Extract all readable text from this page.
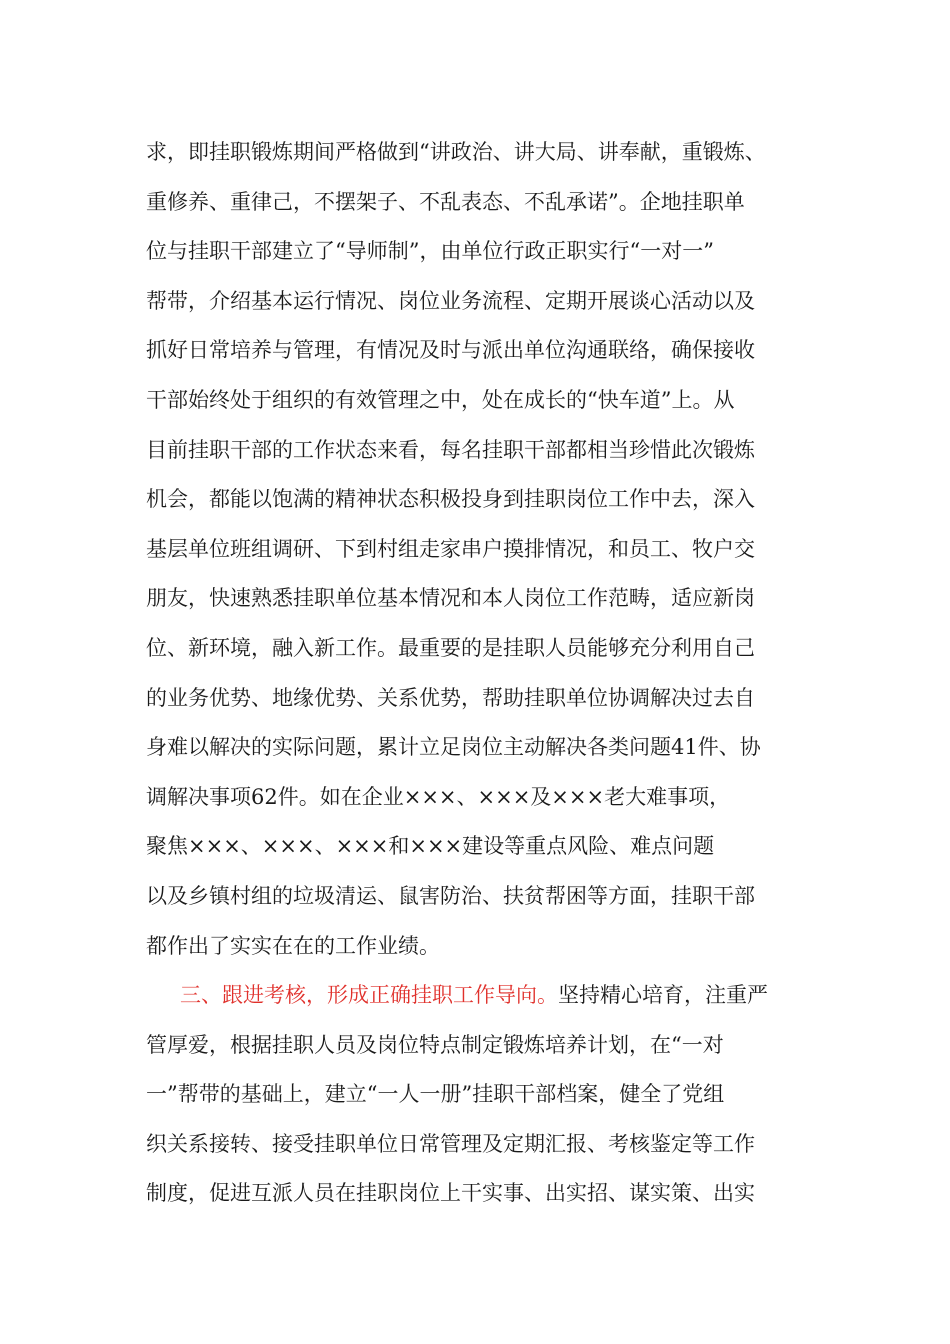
求，即挂职锻炼期间严格做到“讲政治、讲大局、讲奉献，重锻炼、
重修养、重律己，不摆架子、不乱表态、不乱承诺”。企地挂职单
位与挂职干部建立了“导师制”，由单位行政正职实行“一对一”
帮带，介绍基本运行情况、岗位业务流程、定期开展谈心活动以及
抓好日常培养与管理，有情况及时与派出单位沟通联络，确保接收
干部始终处于组织的有效管理之中，处在成长的“快车道”上。从
目前挂职干部的工作状态来看，每名挂职干部都相当珍惜此次锻炼
机会，都能以饱满的精神状态积极投身到挂职岗位工作中去，深入
基层单位班组调研、下到村组走家串户摸排情况，和员工、牧户交
朋友，快速熟悉挂职单位基本情况和本人岗位工作范畴，适应新岗
位、新环境，融入新工作。最重要的是挂职人员能够充分利用自己
的业务优势、地缘优势、关系优势，帮助挂职单位协调解决过去自
身难以解决的实际问题，累计立足岗位主动解决各类问题41件、协
调解决事项62件。如在企业×××、×××及×××老大难事项，
聚焦×××、×××、×××和×××建设等重点风险、难点问题
以及乡镇村组的垃圾清运、鼠害防治、扶贫帮困等方面，挂职干部
都作出了实实在在的工作业绩。
三、跟进考核，形成正确挂职工作导向。 坚持精心培育，注重严
管厚爱，根据挂职人员及岗位特点制定锻炼培养计划，在“一对
一”帮带的基础上，建立“一人一册”挂职干部档案，健全了党组
织关系接转、接受挂职单位日常管理及定期汇报、考核鉴定等工作
制度，促进互派人员在挂职岗位上干实事、出实招、谋实策、出实
